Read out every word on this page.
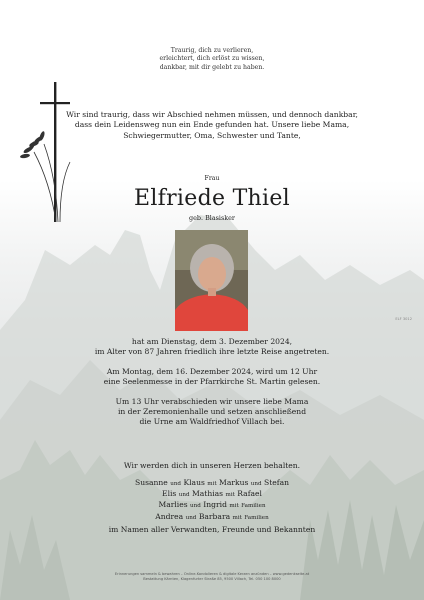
Traurig, dich zu verlieren,
erleichtert, dich erlöst zu wissen,
dankbar, mit dir gelebt zu haben.
Wir sind traurig, dass wir Abschied nehmen müssen, und dennoch dankbar,
dass dein Leidensweg nun ein Ende gefunden hat. Unsere liebe Mama,
Schwiegermutter, Oma, Schwester und Tante,
Frau
Elfriede Thiel
geb. Blasisker
hat am Dienstag, dem 3. Dezember 2024,
im Alter von 87 Jahren friedlich ihre letzte Reise angetreten.
Am Montag, dem 16. Dezember 2024, wird um 12 Uhr
eine Seelenmesse in der Pfarrkirche St. Martin gelesen.
Um 13 Uhr verabschieden wir unsere liebe Mama
in der Zeremonienhalle und setzen anschließend
die Urne am Waldfriedhof Villach bei.
Wir werden dich in unseren Herzen behalten.
Susanne und Klaus mit Markus und Stefan
Elis und Mathias mit Rafael
Marlies und Ingrid mit Familien
Andrea und Barbara mit Familien
im Namen aller Verwandten, Freunde und Bekannten
ELF 3012
Erinnerungen sammeln & bewahren – Online-Kondolieren & digitale Kerzen anzünden – www.gedenkseite.at
Bestattung Kärnten, Klagenfurter Straße 85, 9500 Villach, Tel. 050 100 8000
